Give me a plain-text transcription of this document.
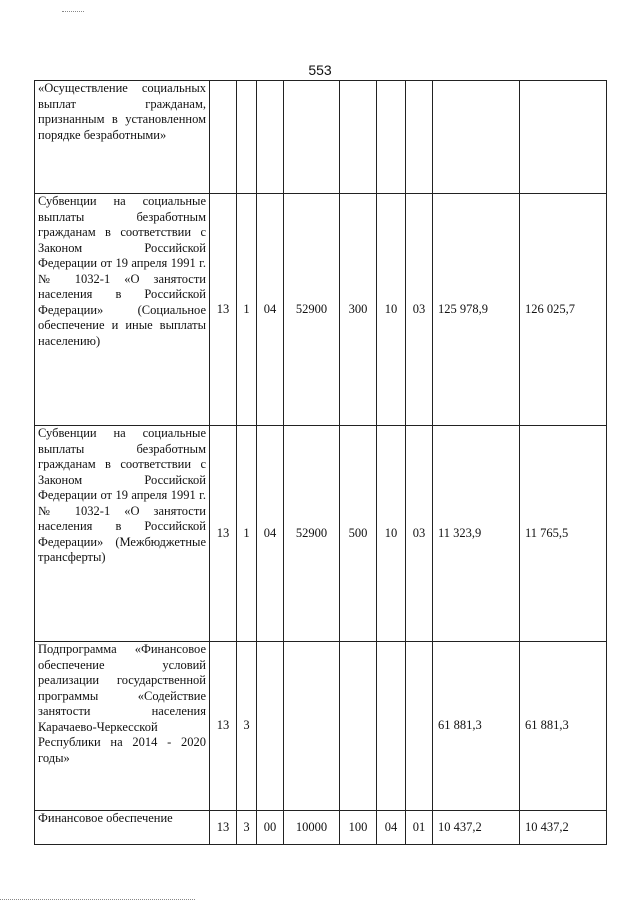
553
«Осуществление социальных выплат гражданам, признанным в установленном порядке безработными»									
Субвенции на социальные выплаты безработным гражданам в соответствии с Законом Российской Федерации от 19 апреля 1991 г. № 1032-1 «О занятости населения в Российской Федерации» (Социальное обеспечение и иные выплаты населению)	13	1	04	52900	300	10	03	125 978,9	126 025,7
Субвенции на социальные выплаты безработным гражданам в соответствии с Законом Российской Федерации от 19 апреля 1991 г. № 1032-1 «О занятости населения в Российской Федерации» (Межбюджетные трансферты)	13	1	04	52900	500	10	03	11 323,9	11 765,5
Подпрограмма «Финансовое обеспечение условий реализации государственной программы «Содействие занятости населения Карачаево-Черкесской Республики на 2014 - 2020 годы»	13	3						61 881,3	61 881,3
Финансовое обеспечение	13	3	00	10000	100	04	01	10 437,2	10 437,2
